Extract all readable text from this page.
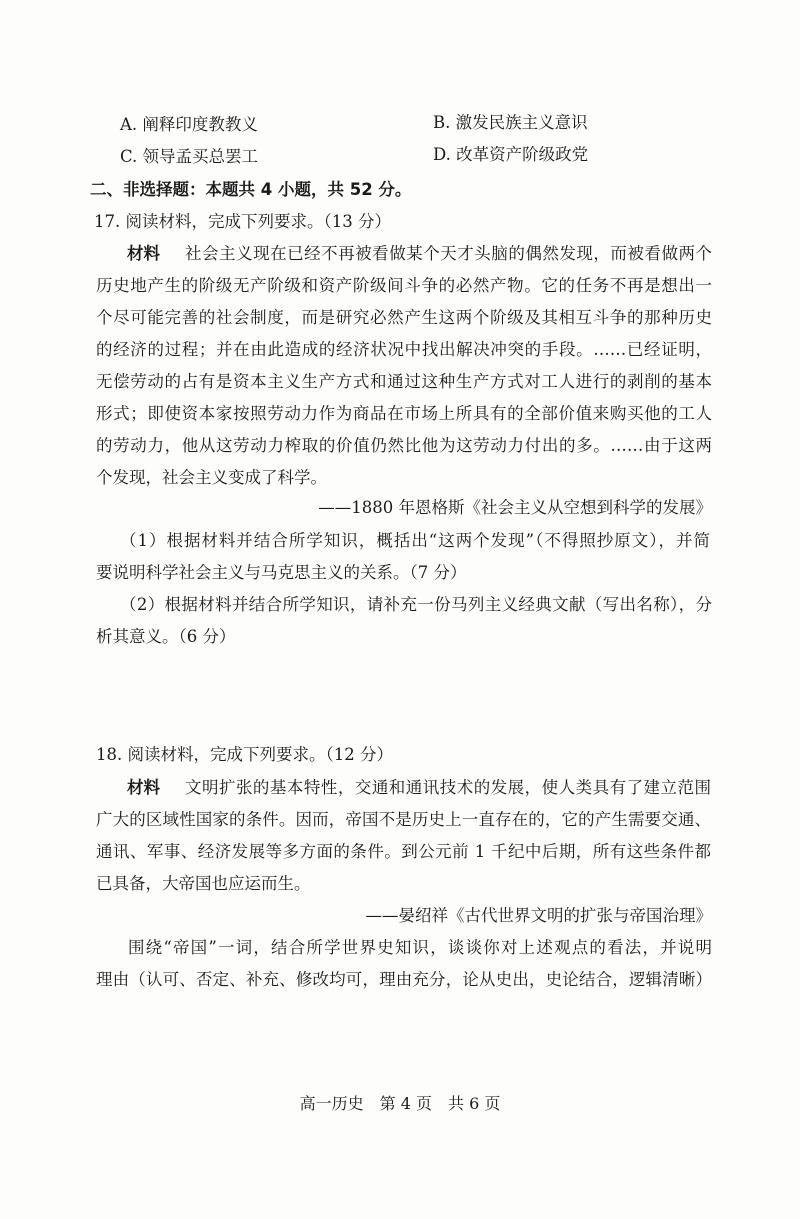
A. 阐释印度教教义	B. 激发民族主义意识
C. 领导孟买总罢工	D. 改革资产阶级政党
二、非选择题：本题共 4 小题，共 52 分。
17. 阅读材料，完成下列要求。（13 分）
材料 社会主义现在已经不再被看做某个天才头脑的偶然发现，而被看做两个
历史地产生的阶级无产阶级和资产阶级间斗争的必然产物。它的任务不再是想出一
个尽可能完善的社会制度，而是研究必然产生这两个阶级及其相互斗争的那种历史
的经济的过程；并在由此造成的经济状况中找出解决冲突的手段。……已经证明，
无偿劳动的占有是资本主义生产方式和通过这种生产方式对工人进行的剥削的基本
形式；即使资本家按照劳动力作为商品在市场上所具有的全部价值来购买他的工人
的劳动力，他从这劳动力榨取的价值仍然比他为这劳动力付出的多。……由于这两
个发现，社会主义变成了科学。
——1880 年恩格斯《社会主义从空想到科学的发展》
（1）根据材料并结合所学知识，概括出“这两个发现”（不得照抄原文），并简
要说明科学社会主义与马克思主义的关系。（7 分）
（2）根据材料并结合所学知识，请补充一份马列主义经典文献（写出名称），分
析其意义。（6 分）
18. 阅读材料，完成下列要求。（12 分）
材料 文明扩张的基本特性，交通和通讯技术的发展，使人类具有了建立范围
广大的区域性国家的条件。因而，帝国不是历史上一直存在的，它的产生需要交通、
通讯、军事、经济发展等多方面的条件。到公元前 1 千纪中后期，所有这些条件都
已具备，大帝国也应运而生。
——晏绍祥《古代世界文明的扩张与帝国治理》
围绕“帝国”一词，结合所学世界史知识，谈谈你对上述观点的看法，并说明
理由（认可、否定、补充、修改均可，理由充分，论从史出，史论结合，逻辑清晰）
高一历史　第 4 页　共 6 页
